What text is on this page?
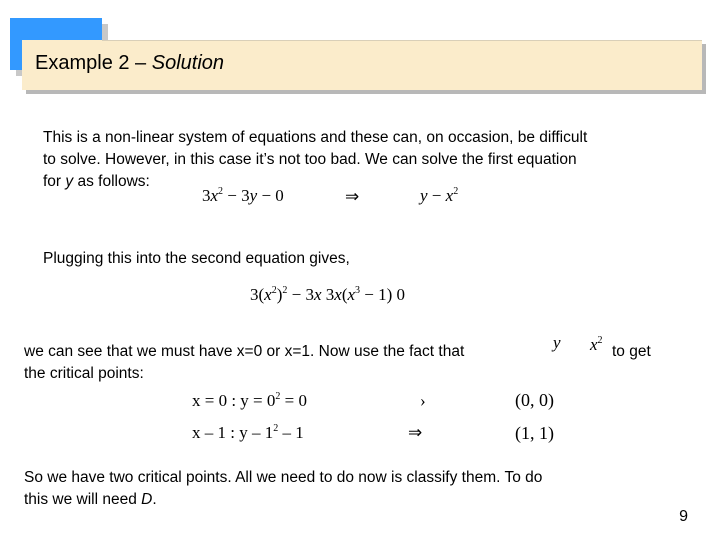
Example 2 – Solution
This is a non-linear system of equations and these can, on occasion, be difficult
to solve. However, in this case it’s not too bad. We can solve the first equation
for y as follows:
$3x^2 - 3y - 0$	⇒	$y - x^2$
Plugging this into the second equation gives,
$3(x^2)^2 - 3x$ $3x(x^3 - 1)$ 0
we can see that we must have x=0 or x=1. Now use the fact that	y $x^2$
to get
the critical points:
x = 0 : $y = 0^2 = 0$	›	(0, 0)
x – 1 : y – $1^2 - 1$	⇒	(1, 1)
So we have two critical points. All we need to do now is classify them. To do
this we will need D.
9
